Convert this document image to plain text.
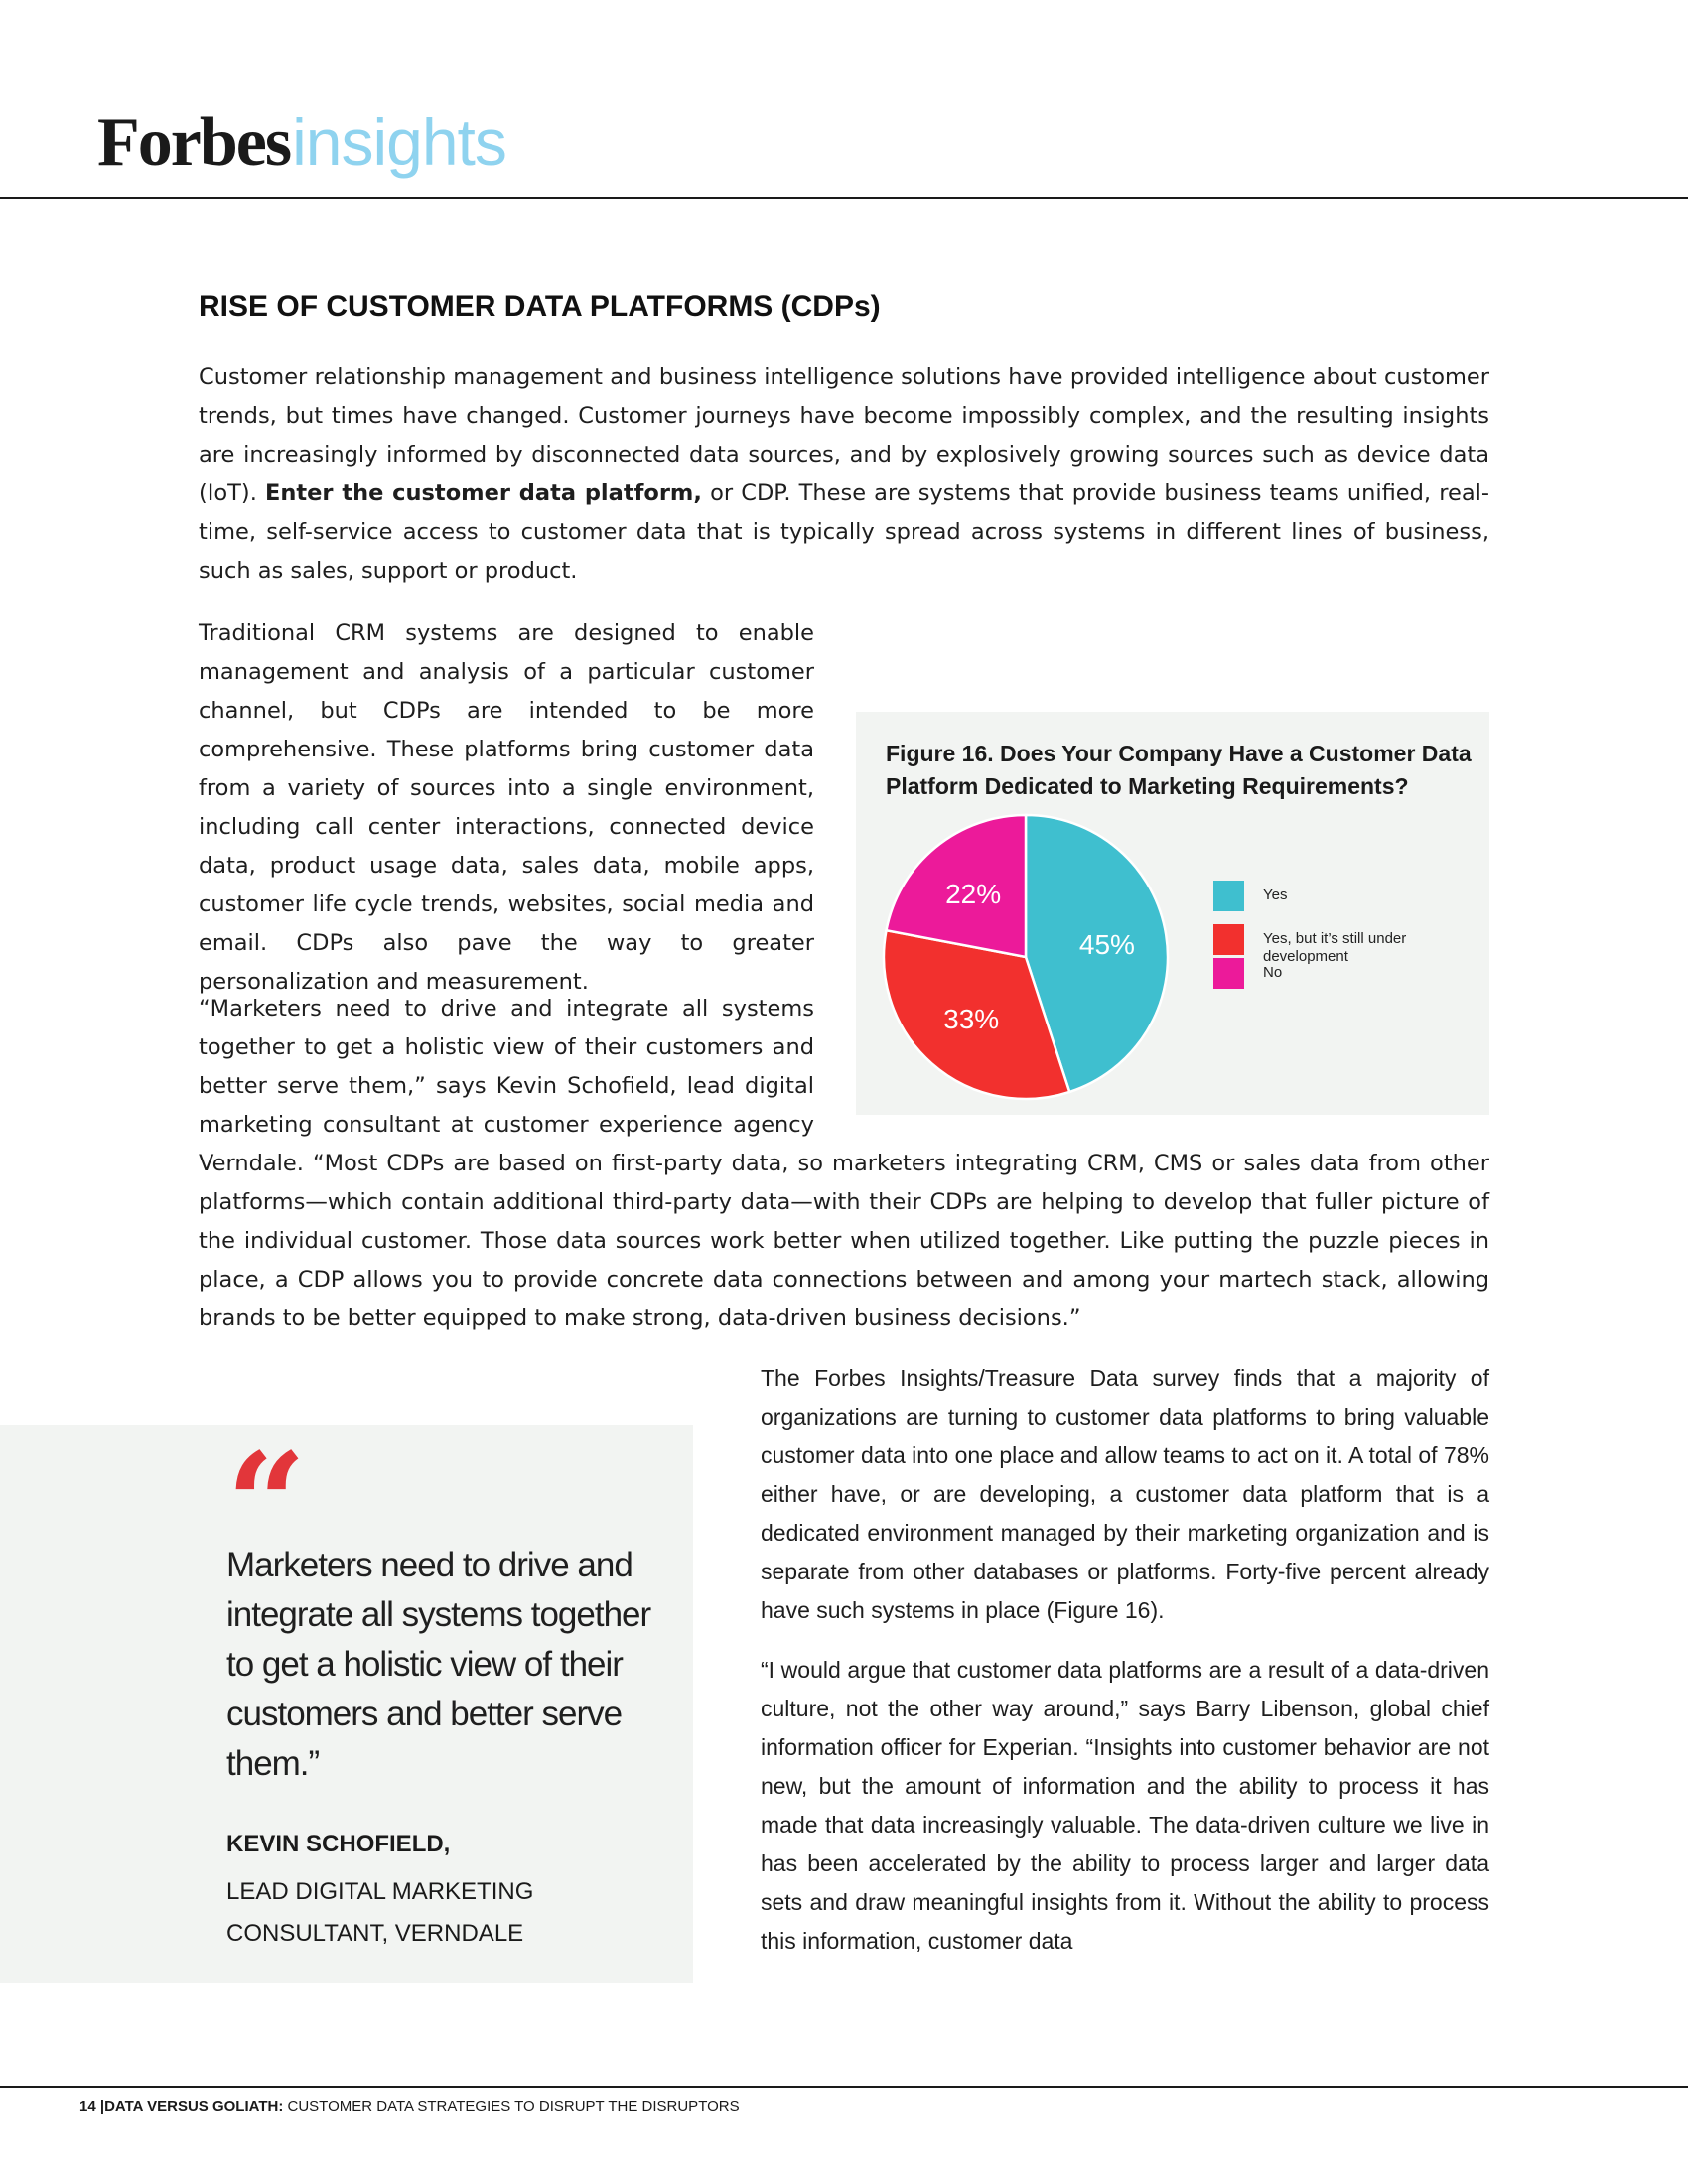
Forbesinsights
RISE OF CUSTOMER DATA PLATFORMS (CDPs)

Customer relationship management and business intelligence solutions have provided intelligence about customer trends, but times have changed. Customer journeys have become impossibly complex, and the resulting insights are increasingly informed by disconnected data sources, and by explosively growing sources such as device data (IoT). Enter the customer data platform, or CDP. These are systems that provide business teams unified, real-time, self-service access to customer data that is typically spread across systems in different lines of business, such as sales, support or product.

Traditional CRM systems are designed to enable management and analysis of a particular customer channel, but CDPs are intended to be more comprehensive. These platforms bring customer data from a variety of sources into a single environment, including call center interactions, connected device data, product usage data, sales data, mobile apps, customer life cycle trends, websites, social media and email. CDPs also pave the way to greater personalization and measurement.

“Marketers need to drive and integrate all systems together to get a holistic view of their customers and better serve them,” says Kevin Schofield, lead digital marketing consultant at customer experience agency Verndale. “Most CDPs are based on first-party data, so marketers integrating CRM, CMS or sales data from other platforms—which contain additional third-party data—with their CDPs are helping to develop that fuller picture of the individual customer. Those data sources work better when utilized together. Like putting the puzzle pieces in place, a CDP allows you to provide concrete data connections between and among your martech stack, allowing brands to be better equipped to make strong, data-driven business decisions.”

Figure 16. Does Your Company Have a Customer Data Platform Dedicated to Marketing Requirements?

45%
33%
22%	Yes
Yes, but it’s still under development
No
“

Marketers need to drive and integrate all systems together to get a holistic view of their customers and better serve them.”

KEVIN SCHOFIELD,

LEAD DIGITAL MARKETING CONSULTANT, VERNDALE

The Forbes Insights/Treasure Data survey finds that a majority of organizations are turning to customer data platforms to bring valuable customer data into one place and allow teams to act on it. A total of 78% either have, or are developing, a customer data platform that is a dedicated environment managed by their marketing organization and is separate from other databases or platforms. Forty-five percent already have such systems in place (Figure 16).

“I would argue that customer data platforms are a result of a data-driven culture, not the other way around,” says Barry Libenson, global chief information officer for Experian. “Insights into customer behavior are not new, but the amount of information and the ability to process it has made that data increasingly valuable. The data-driven culture we live in has been accelerated by the ability to process larger and larger data sets and draw meaningful insights from it. Without the ability to process this information, customer data

14 |DATA VERSUS GOLIATH: CUSTOMER DATA STRATEGIES TO DISRUPT THE DISRUPTORS
